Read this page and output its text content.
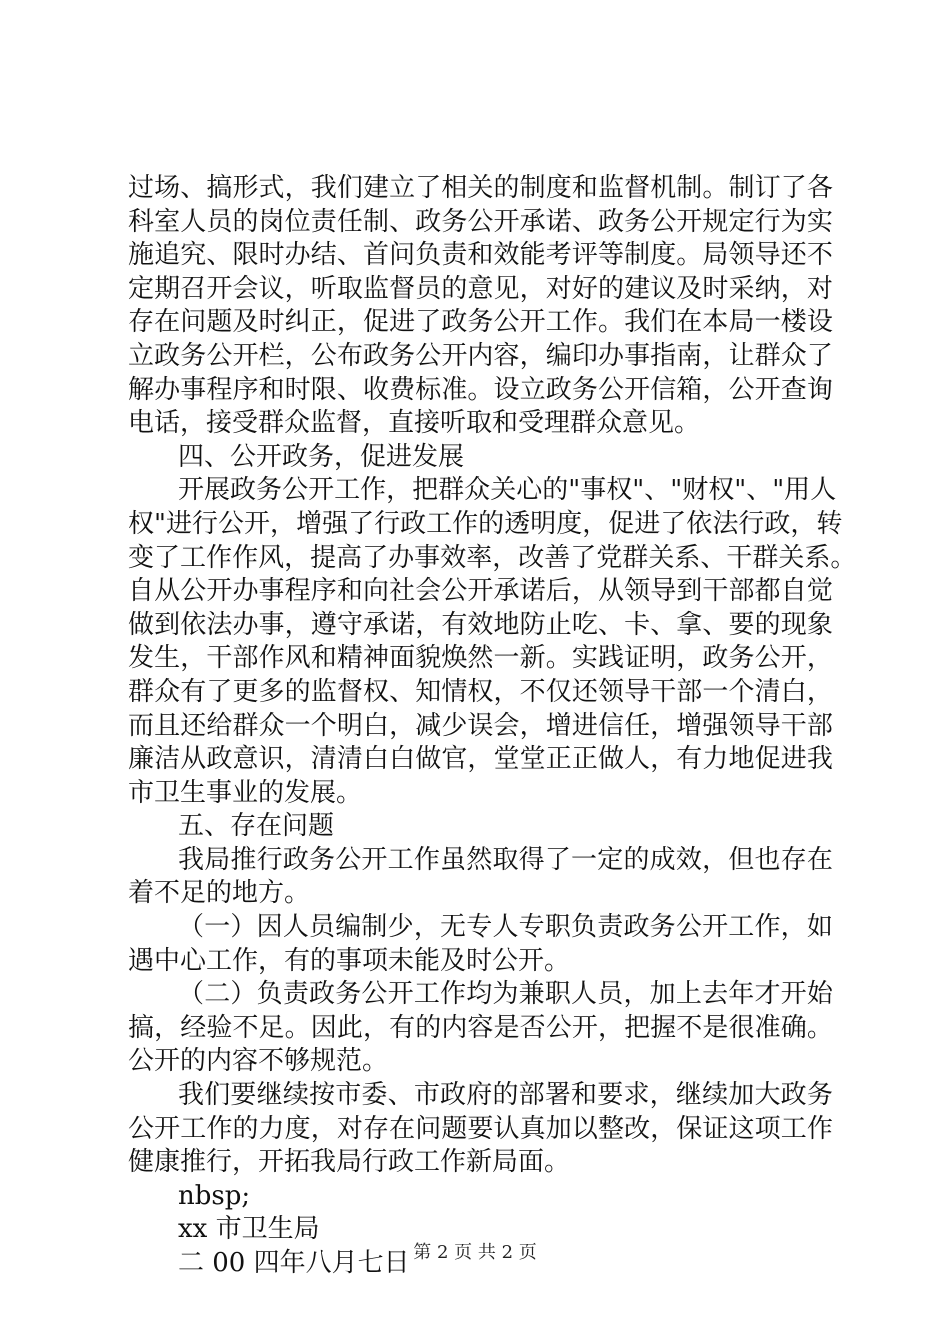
过 场 、 搞 形 式 ， 我 们 建 立 了 相 关 的 制 度 和 监 督 机 制 。 制 订 了 各
科 室 人 员 的 岗 位 责 任 制 、 政 务 公 开 承 诺 、 政 务 公 开 规 定 行 为 实
施 追 究 、 限 时 办 结 、 首 问 负 责 和 效 能 考 评 等 制 度 。 局 领 导 还 不
定 期 召 开 会 议 ， 听 取 监 督 员 的 意 见 ， 对 好 的 建 议 及 时 采 纳 ， 对
存 在 问 题 及 时 纠 正 ， 促 进 了 政 务 公 开 工 作 。 我 们 在 本 局 一 楼 设
立 政 务 公 开 栏 ， 公 布 政 务 公 开 内 容 ， 编 印 办 事 指 南 ， 让 群 众 了
解 办 事 程 序 和 时 限 、 收 费 标 准 。 设 立 政 务 公 开 信 箱 ， 公 开 查 询
电话，接受群众监督，直接听取和受理群众意见。
四、公开政务，促进发展
开 展 政 务 公 开 工 作 ， 把 群 众 关 心 的 " 事 权 " 、 " 财 权 " 、 " 用 人
权 " 进 行 公 开 ， 增 强 了 行 政 工 作 的 透 明 度 ， 促 进 了 依 法 行 政 ， 转
变 了 工 作 作 风 ， 提 高 了 办 事 效 率 ， 改 善 了 党 群 关 系 、 干 群 关 系 。
自 从 公 开 办 事 程 序 和 向 社 会 公 开 承 诺 后 ， 从 领 导 到 干 部 都 自 觉
做 到 依 法 办 事 ， 遵 守 承 诺 ， 有 效 地 防 止 吃 、 卡 、 拿 、 要 的 现 象
发 生 ， 干 部 作 风 和 精 神 面 貌 焕 然 一 新 。 实 践 证 明 ， 政 务 公 开 ，
群 众 有 了 更 多 的 监 督 权 、 知 情 权 ， 不 仅 还 领 导 干 部 一 个 清 白 ，
而 且 还 给 群 众 一 个 明 白 ， 减 少 误 会 ， 增 进 信 任 ， 增 强 领 导 干 部
廉 洁 从 政 意 识 ， 清 清 白 白 做 官 ， 堂 堂 正 正 做 人 ， 有 力 地 促 进 我
市卫生事业的发展。
五、存在问题
我 局 推 行 政 务 公 开 工 作 虽 然 取 得 了 一 定 的 成 效 ， 但 也 存 在
着不足的地方。
（ 一 ） 因 人 员 编 制 少 ， 无 专 人 专 职 负 责 政 务 公 开 工 作 ， 如
遇中心工作，有的事项未能及时公开。
（ 二 ） 负 责 政 务 公 开 工 作 均 为 兼 职 人 员 ， 加 上 去 年 才 开 始
搞 ， 经 验 不 足 。 因 此 ， 有 的 内 容 是 否 公 开 ， 把 握 不 是 很 准 确 。
公开的内容不够规范。
我 们 要 继 续 按 市 委 、 市 政 府 的 部 署 和 要 求 ， 继 续 加 大 政 务
公 开 工 作 的 力 度 ， 对 存 在 问 题 要 认 真 加 以 整 改 ， 保 证 这 项 工 作
健康推行，开拓我局行政工作新局面。
nbsp;
xx 市卫生局
二 00 四年八月七日 第 2 页 共 2 页
